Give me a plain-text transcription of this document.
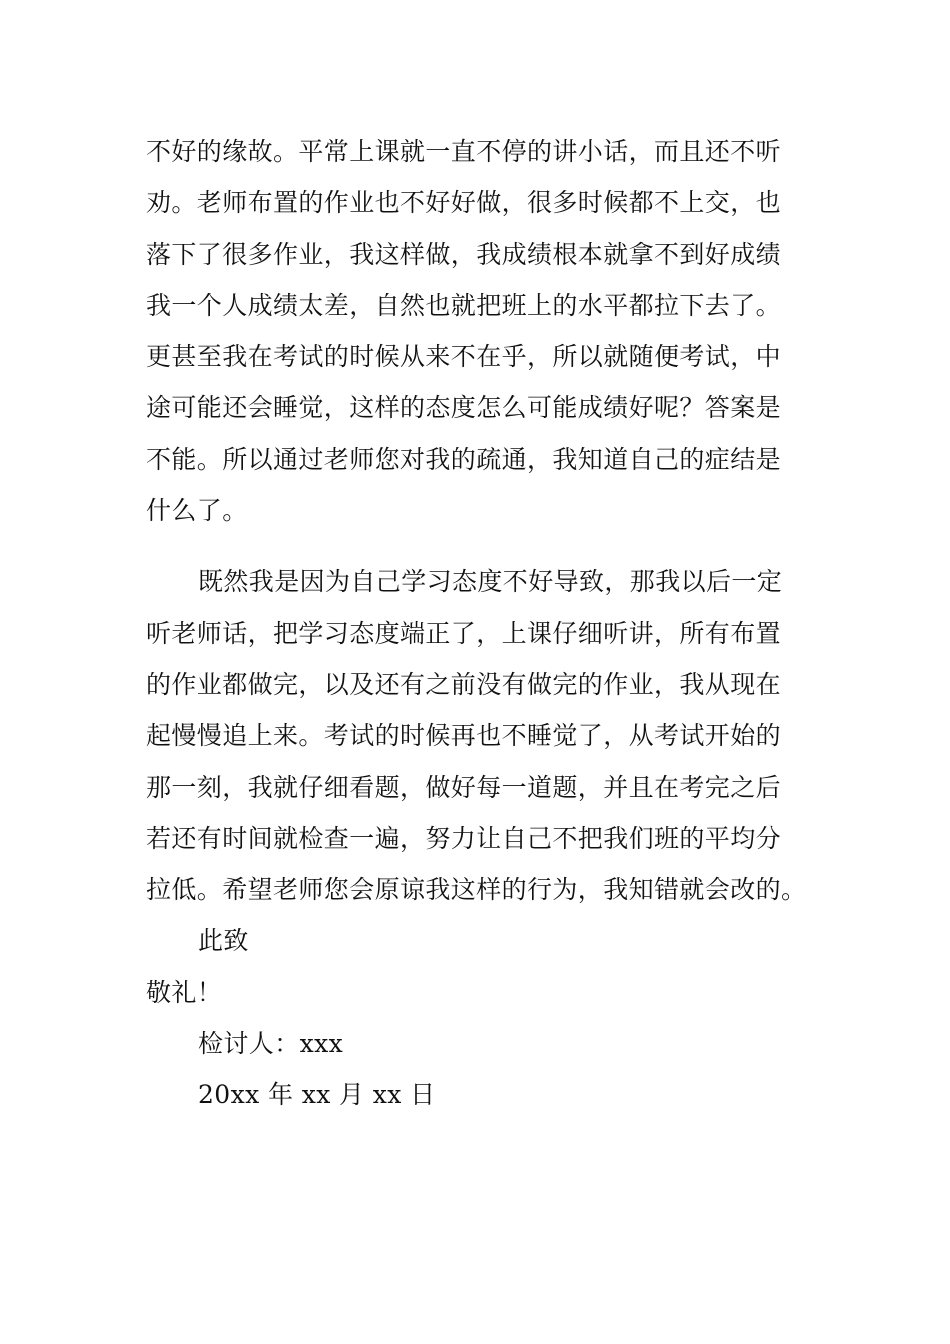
不好的缘故。平常上课就一直不停的讲小话，而且还不听
劝。老师布置的作业也不好好做，很多时候都不上交，也
落下了很多作业，我这样做，我成绩根本就拿不到好成绩
我一个人成绩太差，自然也就把班上的水平都拉下去了。
更甚至我在考试的时候从来不在乎，所以就随便考试，中
途可能还会睡觉，这样的态度怎么可能成绩好呢？答案是
不能。所以通过老师您对我的疏通，我知道自己的症结是
什么了。
既然我是因为自己学习态度不好导致，那我以后一定
听老师话，把学习态度端正了，上课仔细听讲，所有布置
的作业都做完，以及还有之前没有做完的作业，我从现在
起慢慢追上来。考试的时候再也不睡觉了，从考试开始的
那一刻，我就仔细看题，做好每一道题，并且在考完之后
若还有时间就检查一遍，努力让自己不把我们班的平均分
拉低。希望老师您会原谅我这样的行为，我知错就会改的。
此致
敬礼！
检讨人：xxx
20xx 年 xx 月 xx 日
